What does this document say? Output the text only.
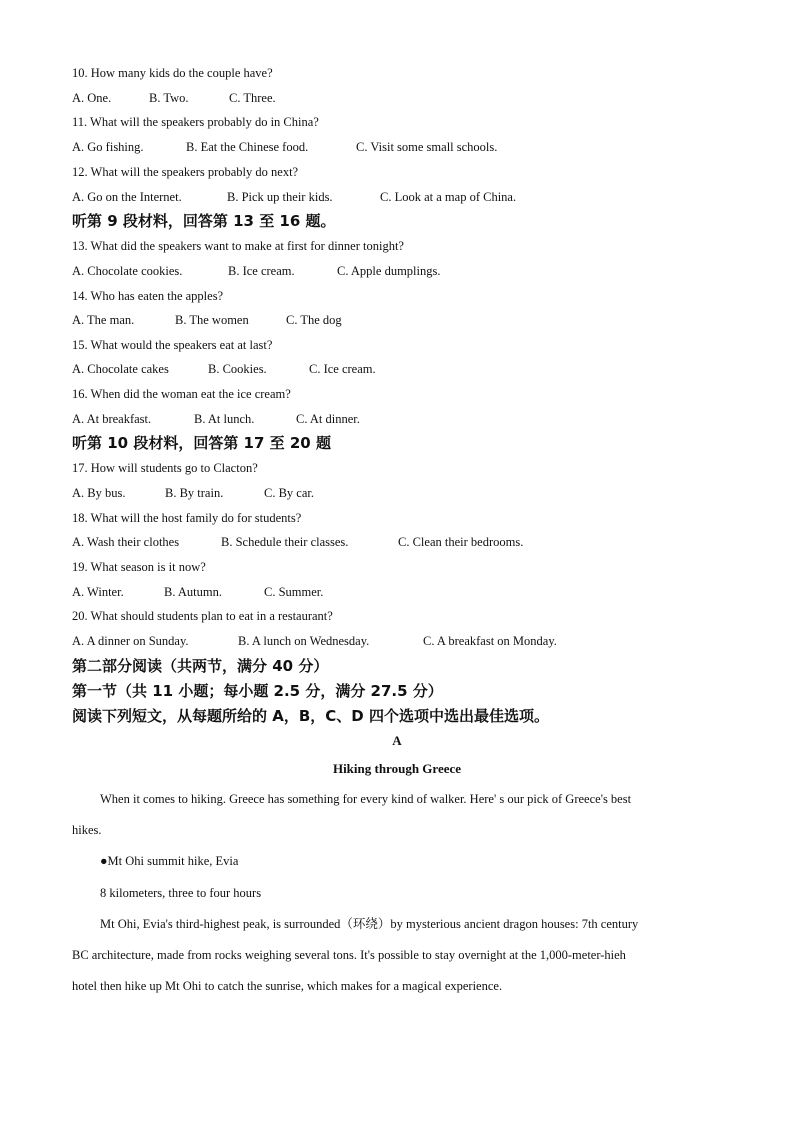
10. How many kids do the couple have?
A. One.	B. Two.	C. Three.
11. What will the speakers probably do in China?
A. Go fishing.	B. Eat the Chinese food.	C. Visit some small schools.
12. What will the speakers probably do next?
A. Go on the Internet.	B. Pick up their kids.	C. Look at a map of China.
听第 9 段材料，回答第 13 至 16 题。
13. What did the speakers want to make at first for dinner tonight?
A. Chocolate cookies.	B. Ice cream.	C. Apple dumplings.
14. Who has eaten the apples?
A. The man.	B. The women	C. The dog
15. What would the speakers eat at last?
A. Chocolate cakes	B. Cookies.	C. Ice cream.
16. When did the woman eat the ice cream?
A. At breakfast.	B. At lunch.	C. At dinner.
听第 10 段材料，回答第 17 至 20 题
17. How will students go to Clacton?
A. By bus.	B. By train.	C. By car.
18. What will the host family do for students?
A. Wash their clothes	B. Schedule their classes.	C. Clean their bedrooms.
19. What season is it now?
A. Winter.	B. Autumn.	C. Summer.
20. What should students plan to eat in a restaurant?
A. A dinner on Sunday.	B. A lunch on Wednesday.	C. A breakfast on Monday.
第二部分阅读（共两节，满分 40 分）
第一节（共 11 小题；每小题 2.5 分，满分 27.5 分）
阅读下列短文，从每题所给的 A，B，C、D 四个选项中选出最佳选项。
A
Hiking through Greece
When it comes to hiking. Greece has something for every kind of walker. Here' s our pick of Greece's best
hikes.
●Mt Ohi summit hike, Evia
8 kilometers, three to four hours
Mt Ohi, Evia's third-highest peak, is surrounded（环绕）by mysterious ancient dragon houses: 7th century
BC architecture, made from rocks weighing several tons. It's possible to stay overnight at the 1,000-meter-hieh
hotel then hike up Mt Ohi to catch the sunrise, which makes for a magical experience.
